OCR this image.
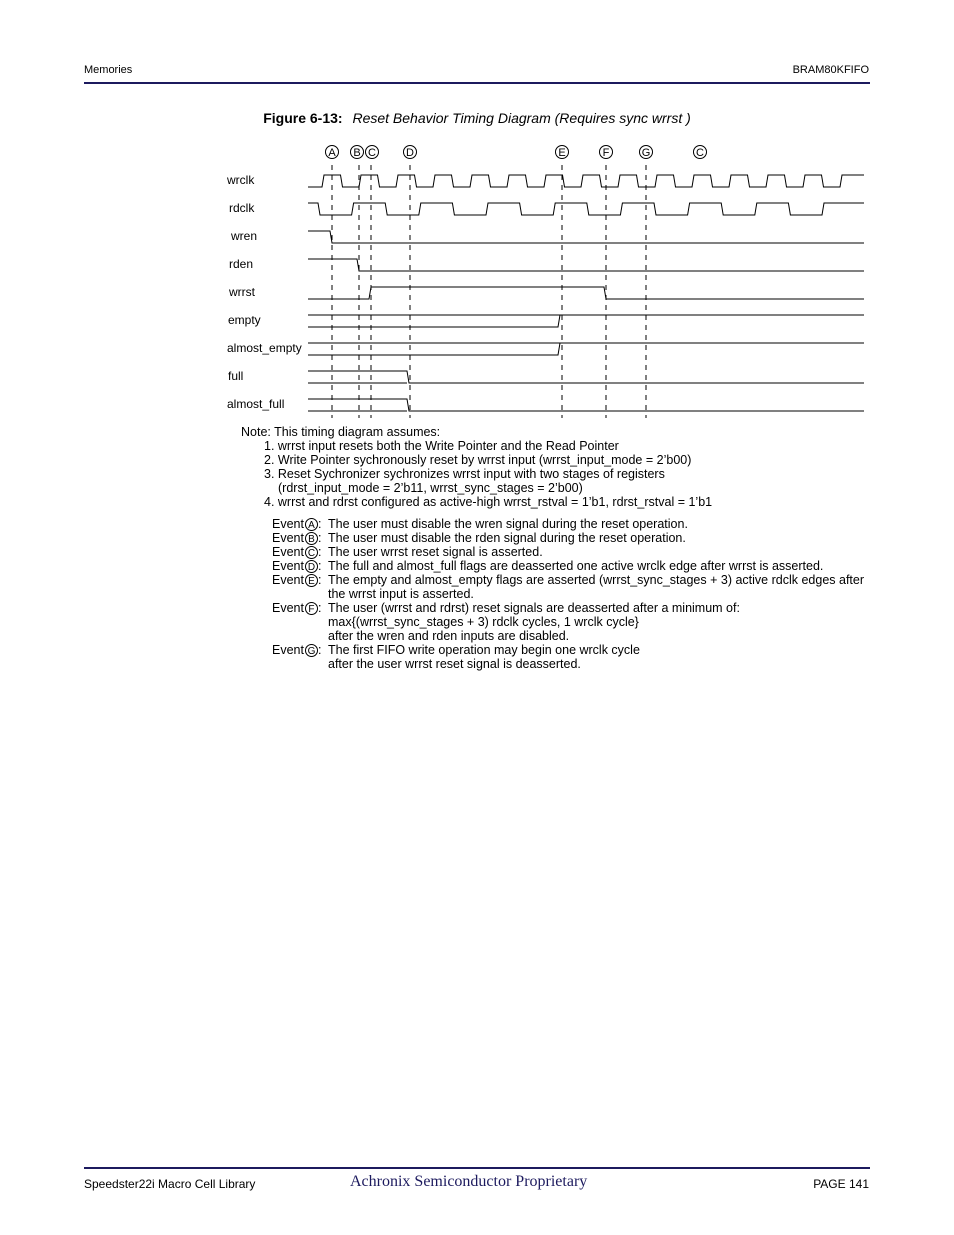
Memories	BRAM80KFIFO
Figure 6-13: Reset Behavior Timing Diagram (Requires sync wrrst )
A B C	D	E	F	G	C
wrclk
rdclk
wren
rden
wrrst
empty
almost_empty
full
almost_full
Note: This timing diagram assumes:
1. wrrst input resets both the Write Pointer and the Read Pointer
2. Write Pointer sychronously reset by wrrst input (wrrst_input_mode = 2’b00)
3. Reset Sychronizer sychronizes wrrst input with two stages of registers
(rdrst_input_mode = 2’b11, wrrst_sync_stages = 2’b00)
4. wrrst and rdrst configured as active-high wrrst_rstval = 1’b1, rdrst_rstval = 1’b1
Event A : The user must disable the wren signal during the reset operation.
Event B : The user must disable the rden signal during the reset operation.
Event C : The user wrrst reset signal is asserted.
Event D : The full and almost_full flags are deasserted one active wrclk edge after wrrst is asserted.
Event E : The empty and almost_empty flags are asserted (wrrst_sync_stages + 3) active rdclk edges after the wrrst input is asserted.
Event F : The user (wrrst and rdrst) reset signals are deasserted after a minimum of:
max{(wrrst_sync_stages + 3) rdclk cycles, 1 wrclk cycle}
after the wren and rden inputs are disabled.
Event G : The first FIFO write operation may begin one wrclk cycle
after the user wrrst reset signal is deasserted.
Speedster22i Macro Cell Library	Achronix Semiconductor Proprietary	PAGE 141
